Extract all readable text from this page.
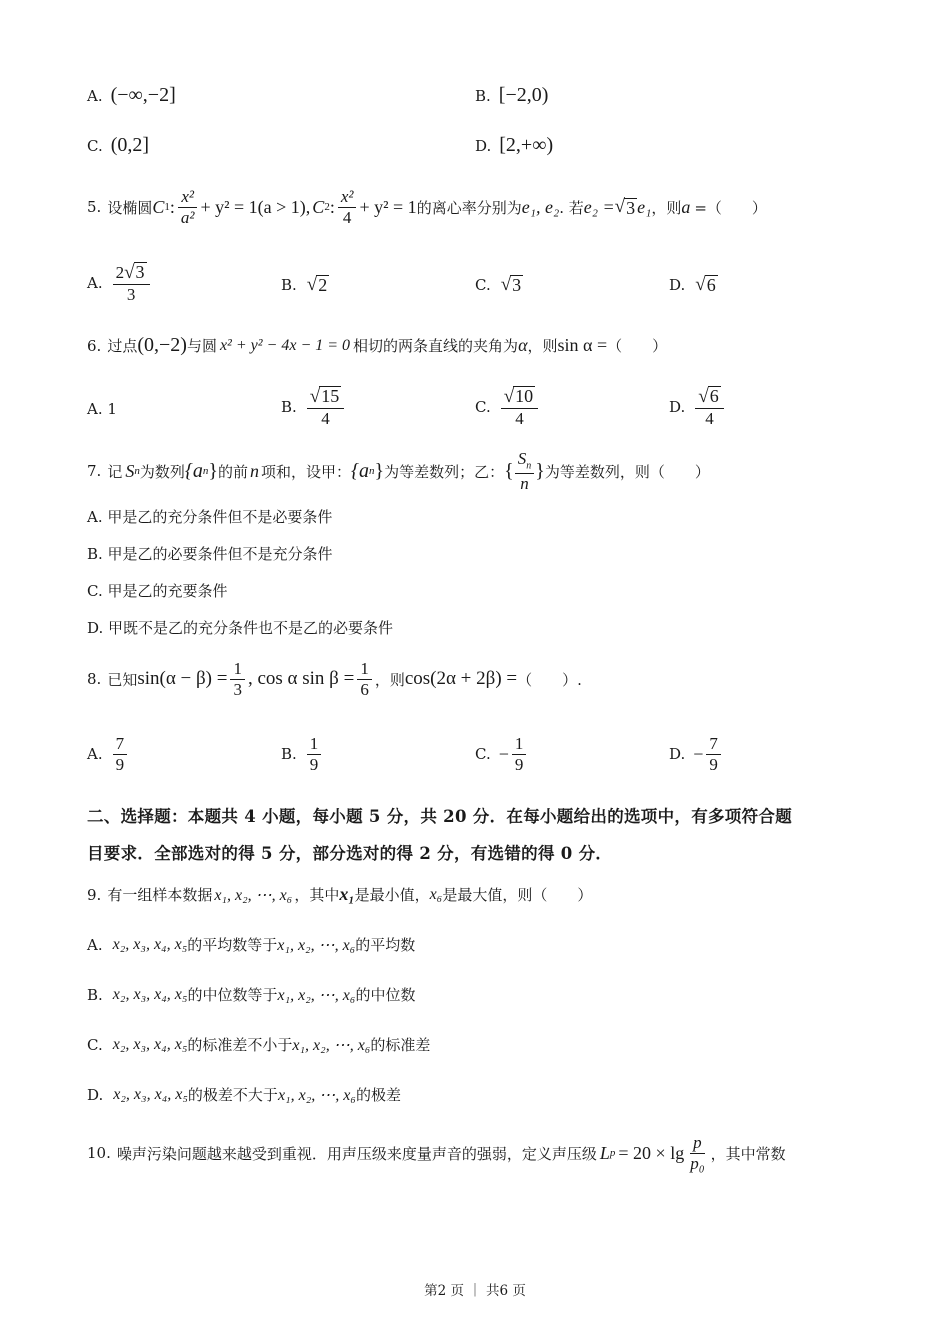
A. (−∞,−2]	B. [−2,0)
C. (0,2]	D. [2,+∞)
5. 设椭圆 C 1 : $\frac{\text{x²}}{\text{a²}} + y^2 = 1(a > 1)$, C 2 : $\frac{\text{x²}}{4} + y^2 = 1$ 的离心率分别为 e₁, e₂ . 若 e₂ = √ 3 e₁ ，则 a =（　　）
A. $\frac{2 √ 3}{3}$	B. √ 2	C. √ 3	D. √ 6
6. 过点 (0,−2) 与圆 x² + y² − 4x − 1 = 0 相切的两条直线的夹角为 α ，则 sin α = （　　）
A. 1	B. $\frac{√ 15}{4}$	C. $\frac{√ 10}{4}$	D. $\frac{√ 6}{4}$
7. 记 S n 为数列 {a n } 的前 n 项和，设甲： {a n } 为等差数列；乙： { $\frac{S_n}{n}$ } 为等差数列，则（　　）
A. 甲是乙的充分条件但不是必要条件
B. 甲是乙的必要条件但不是充分条件
C. 甲是乙的充要条件
D. 甲既不是乙的充分条件也不是乙的必要条件
8. 已知 $\sin(\alpha - \beta) = \frac{1}{3}$ , cos α $\sin \beta = \frac{1}{6}$ ，则 cos(2α + 2β) = （　　）.
A. $\frac{7}{9}$	B. $\frac{1}{9}$	C. − $\frac{1}{9}$	D. − $\frac{7}{9}$
二、选择题：本题共 4 小题，每小题 5 分，共 20 分．在每小题给出的选项中，有多项符合题
目要求．全部选对的得 5 分，部分选对的得 2 分，有选错的得 0 分．
9. 有一组样本数据 x₁, x₂, ⋯, x₆ ，其中 x₁ 是最小值， x₆ 是最大值，则（　　）
A. x₂, x₃, x₄, x₅ 的平均数等于 x₁, x₂, ⋯, x₆ 的平均数
B. x₂, x₃, x₄, x₅ 的中位数等于 x₁, x₂, ⋯, x₆ 的中位数
C. x₂, x₃, x₄, x₅ 的标准差不小于 x₁, x₂, ⋯, x₆ 的标准差
D. x₂, x₃, x₄, x₅ 的极差不大于 x₁, x₂, ⋯, x₆ 的极差
10. 噪声污染问题越来越受到重视．用声压级来度量声音的强弱，定义声压级 L $p = 20 \times \lg \frac{p}{\text{p₀}}$ ，其中常数
第2 页 ｜ 共6 页
